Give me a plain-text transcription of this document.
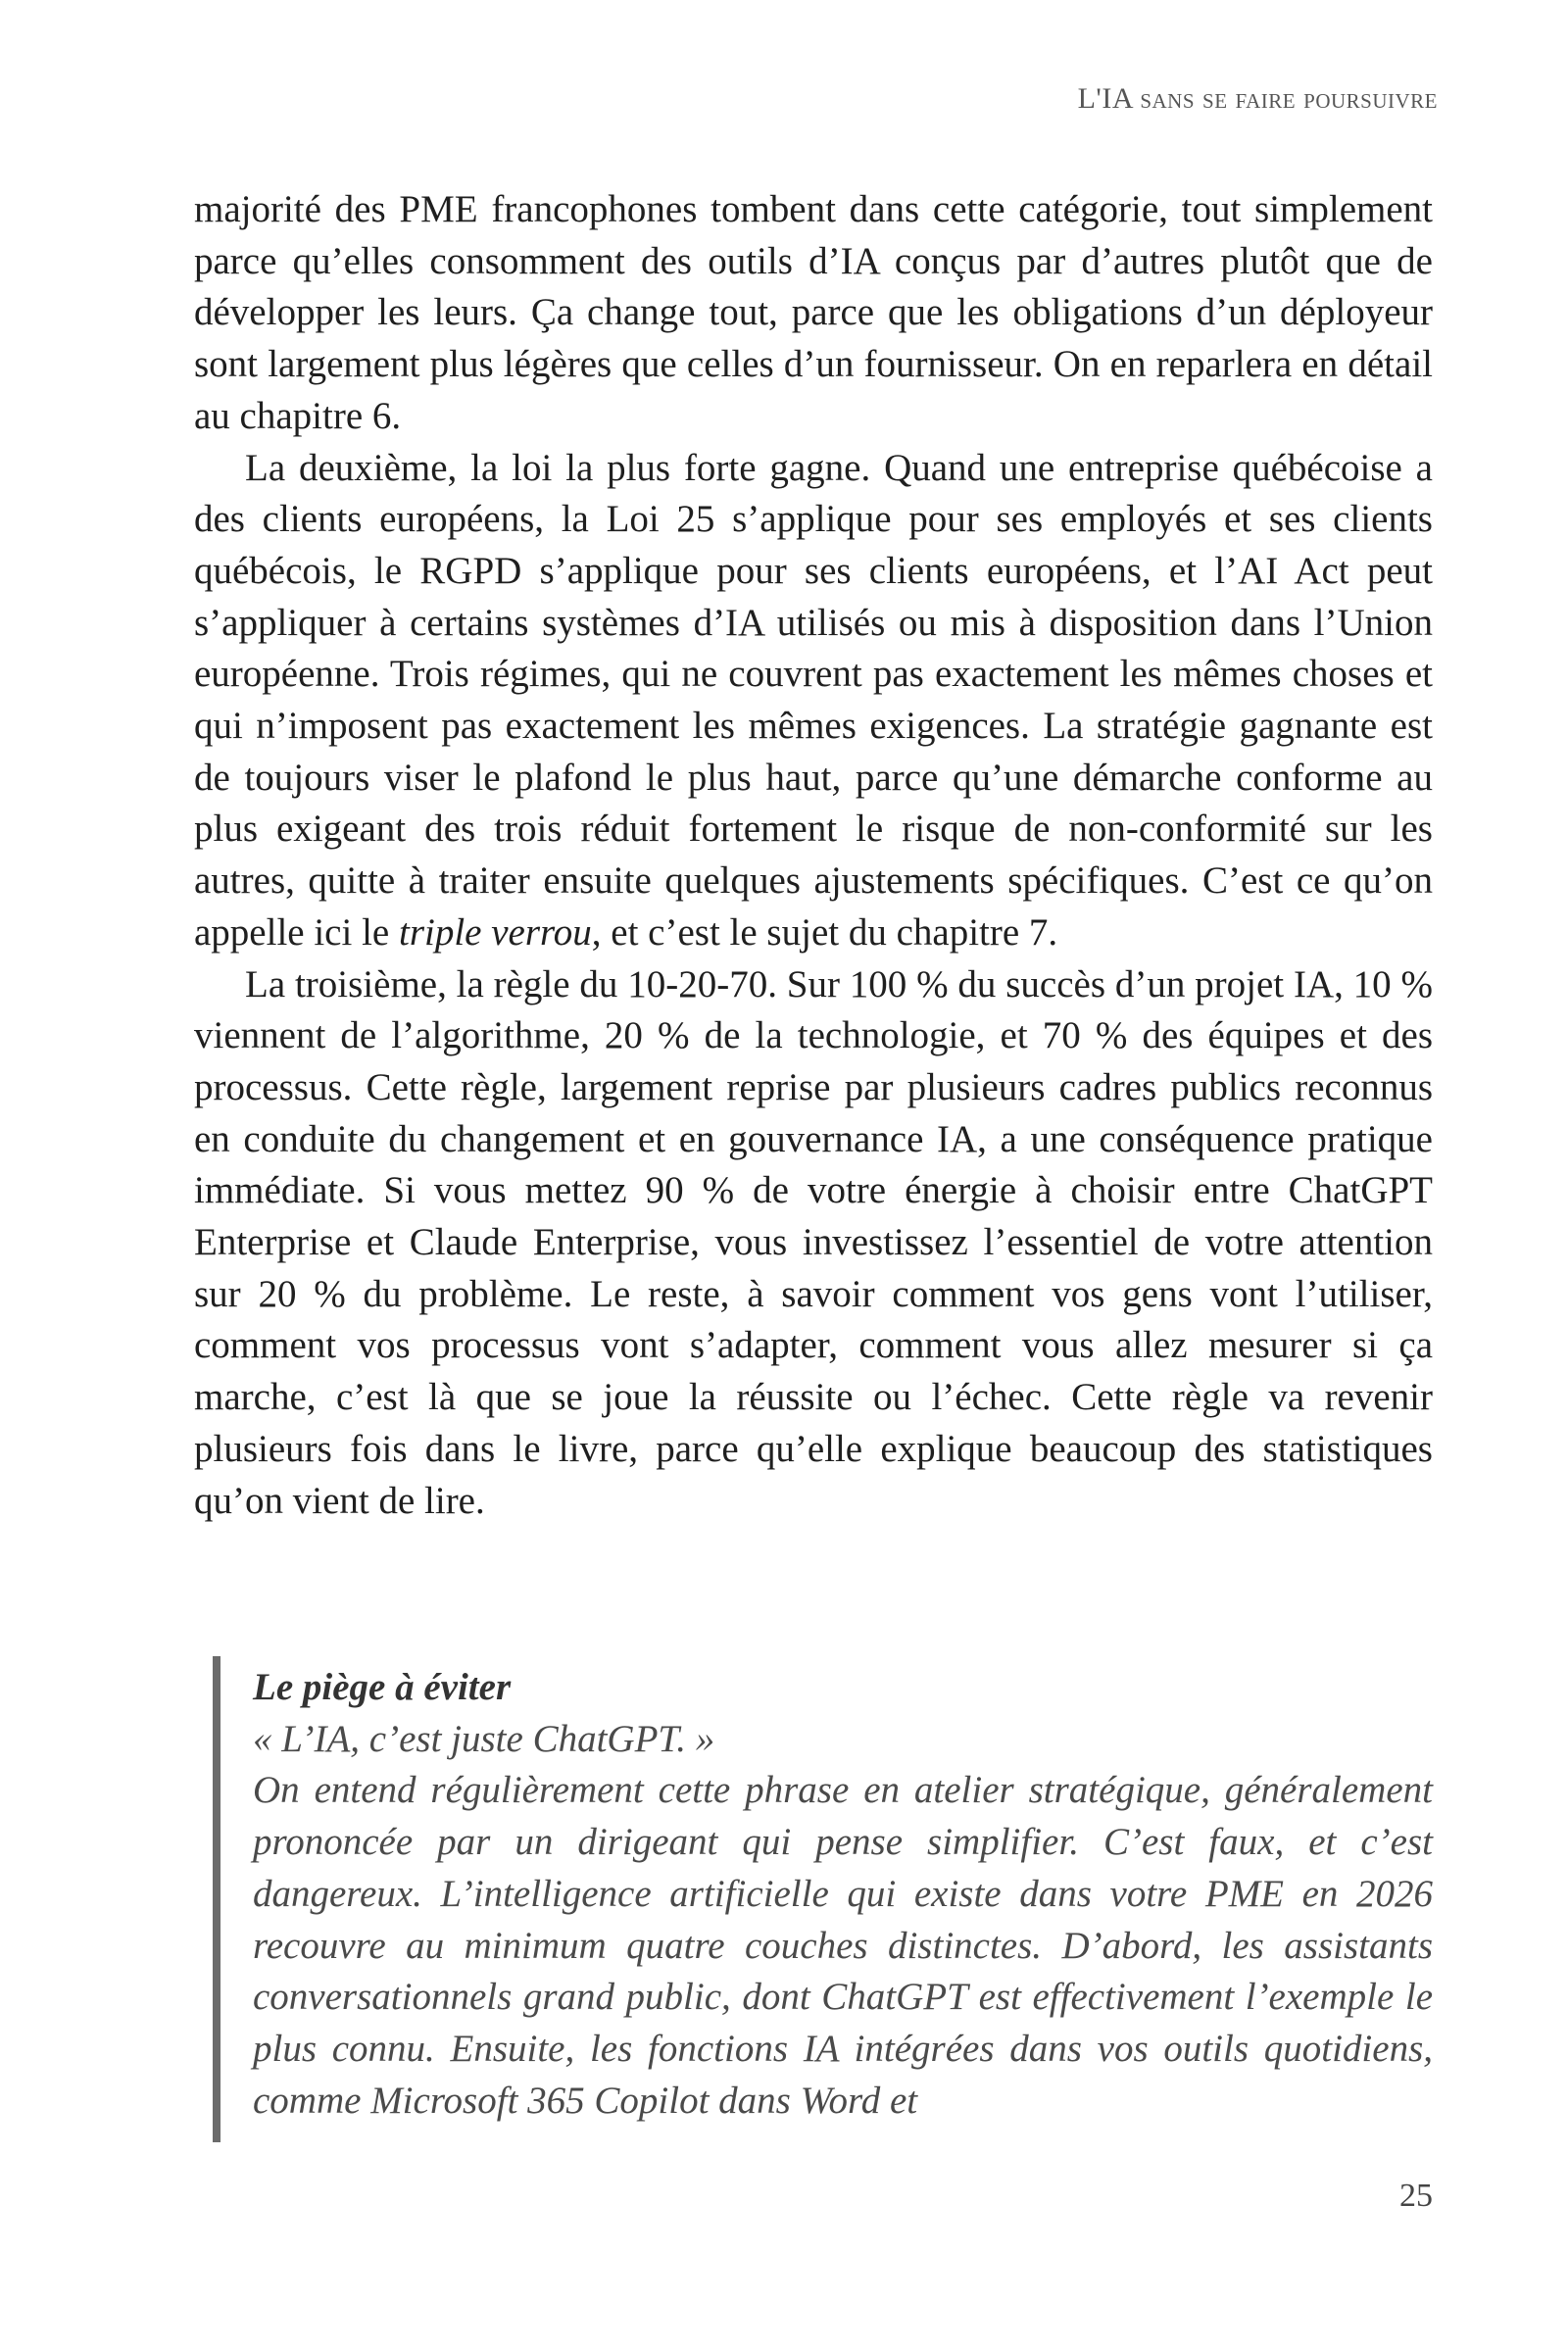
L'IA sans se faire poursuivre

majorité des PME francophones tombent dans cette catégorie, tout simplement parce qu’elles consomment des outils d’IA conçus par d’autres plutôt que de développer les leurs. Ça change tout, parce que les obligations d’un déployeur sont largement plus légères que celles d’un fournisseur. On en reparlera en détail au chapitre 6.

La deuxième, la loi la plus forte gagne. Quand une entreprise québécoise a des clients européens, la Loi 25 s’applique pour ses employés et ses clients québécois, le RGPD s’applique pour ses clients européens, et l’AI Act peut s’appliquer à certains systèmes d’IA utilisés ou mis à disposition dans l’Union européenne. Trois régimes, qui ne couvrent pas exactement les mêmes choses et qui n’imposent pas exactement les mêmes exigences. La stratégie gagnante est de toujours viser le plafond le plus haut, parce qu’une démarche conforme au plus exigeant des trois réduit fortement le risque de non-conformité sur les autres, quitte à traiter ensuite quelques ajustements spécifiques. C’est ce qu’on appelle ici le triple verrou, et c’est le sujet du chapitre 7.

La troisième, la règle du 10-20-70. Sur 100 % du succès d’un projet IA, 10 % viennent de l’algorithme, 20 % de la technologie, et 70 % des équipes et des processus. Cette règle, largement reprise par plusieurs cadres publics reconnus en conduite du changement et en gouvernance IA, a une conséquence pratique immédiate. Si vous mettez 90 % de votre énergie à choisir entre ChatGPT Enterprise et Claude Enterprise, vous investissez l’essentiel de votre attention sur 20 % du problème. Le reste, à savoir comment vos gens vont l’utiliser, comment vos processus vont s’adapter, comment vous allez mesurer si ça marche, c’est là que se joue la réussite ou l’échec. Cette règle va revenir plusieurs fois dans le livre, parce qu’elle explique beaucoup des statistiques qu’on vient de lire.

Le piège à éviter

« L’IA, c’est juste ChatGPT. »

On entend régulièrement cette phrase en atelier stratégique, généralement prononcée par un dirigeant qui pense simplifier. C’est faux, et c’est dangereux. L’intelligence artificielle qui existe dans votre PME en 2026 recouvre au minimum quatre couches distinctes. D’abord, les assistants conversationnels grand public, dont ChatGPT est effectivement l’exemple le plus connu. Ensuite, les fonctions IA intégrées dans vos outils quotidiens, comme Microsoft 365 Copilot dans Word et

25
